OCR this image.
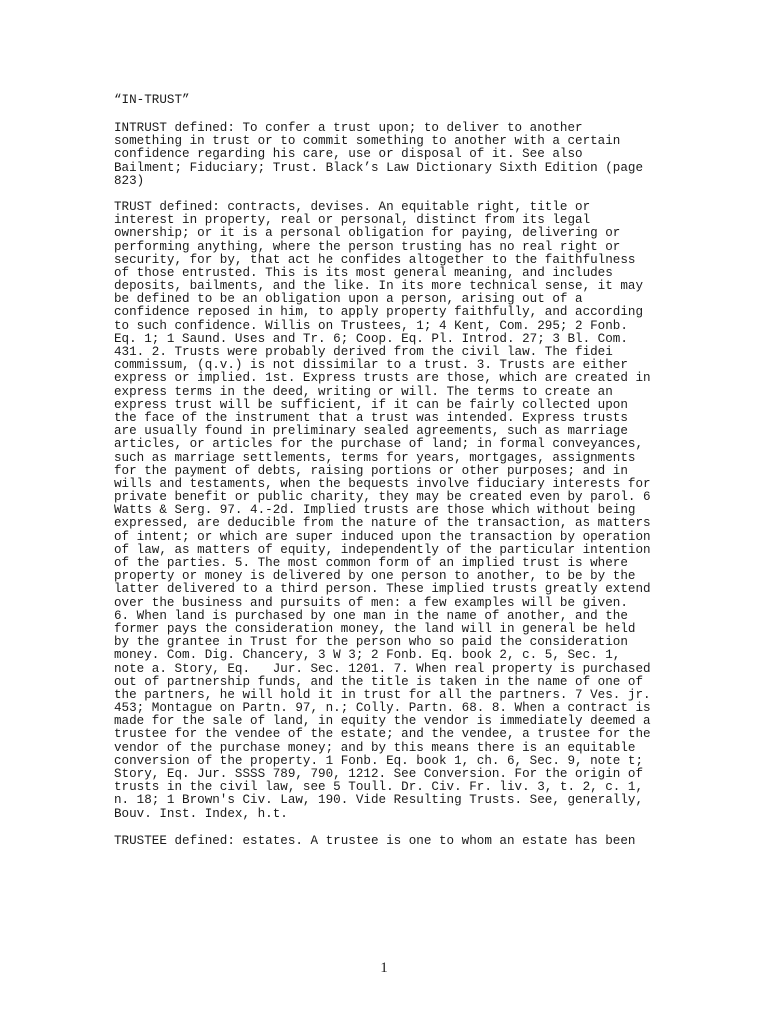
“IN-TRUST”
INTRUST defined: To confer a trust upon; to deliver to another
something in trust or to commit something to another with a certain
confidence regarding his care, use or disposal of it. See also
Bailment; Fiduciary; Trust. Black’s Law Dictionary Sixth Edition (page
823)
TRUST defined: contracts, devises. An equitable right, title or
interest in property, real or personal, distinct from its legal
ownership; or it is a personal obligation for paying, delivering or
performing anything, where the person trusting has no real right or
security, for by, that act he confides altogether to the faithfulness
of those entrusted. This is its most general meaning, and includes
deposits, bailments, and the like. In its more technical sense, it may
be defined to be an obligation upon a person, arising out of a
confidence reposed in him, to apply property faithfully, and according
to such confidence. Willis on Trustees, 1; 4 Kent, Com. 295; 2 Fonb.
Eq. 1; 1 Saund. Uses and Tr. 6; Coop. Eq. Pl. Introd. 27; 3 Bl. Com.
431. 2. Trusts were probably derived from the civil law. The fidei
commissum, (q.v.) is not dissimilar to a trust. 3. Trusts are either
express or implied. 1st. Express trusts are those, which are created in
express terms in the deed, writing or will. The terms to create an
express trust will be sufficient, if it can be fairly collected upon
the face of the instrument that a trust was intended. Express trusts
are usually found in preliminary sealed agreements, such as marriage
articles, or articles for the purchase of land; in formal conveyances,
such as marriage settlements, terms for years, mortgages, assignments
for the payment of debts, raising portions or other purposes; and in
wills and testaments, when the bequests involve fiduciary interests for
private benefit or public charity, they may be created even by parol. 6
Watts & Serg. 97. 4.-2d. Implied trusts are those which without being
expressed, are deducible from the nature of the transaction, as matters
of intent; or which are super induced upon the transaction by operation
of law, as matters of equity, independently of the particular intention
of the parties. 5. The most common form of an implied trust is where
property or money is delivered by one person to another, to be by the
latter delivered to a third person. These implied trusts greatly extend
over the business and pursuits of men: a few examples will be given.
6. When land is purchased by one man in the name of another, and the
former pays the consideration money, the land will in general be held
by the grantee in Trust for the person who so paid the consideration
money. Com. Dig. Chancery, 3 W 3; 2 Fonb. Eq. book 2, c. 5, Sec. 1,
note a. Story, Eq.   Jur. Sec. 1201. 7. When real property is purchased
out of partnership funds, and the title is taken in the name of one of
the partners, he will hold it in trust for all the partners. 7 Ves. jr.
453; Montague on Partn. 97, n.; Colly. Partn. 68. 8. When a contract is
made for the sale of land, in equity the vendor is immediately deemed a
trustee for the vendee of the estate; and the vendee, a trustee for the
vendor of the purchase money; and by this means there is an equitable
conversion of the property. 1 Fonb. Eq. book 1, ch. 6, Sec. 9, note t;
Story, Eq. Jur. SSSS 789, 790, 1212. See Conversion. For the origin of
trusts in the civil law, see 5 Toull. Dr. Civ. Fr. liv. 3, t. 2, c. 1,
n. 18; 1 Brown's Civ. Law, 190. Vide Resulting Trusts. See, generally,
Bouv. Inst. Index, h.t.
TRUSTEE defined: estates. A trustee is one to whom an estate has been
1
